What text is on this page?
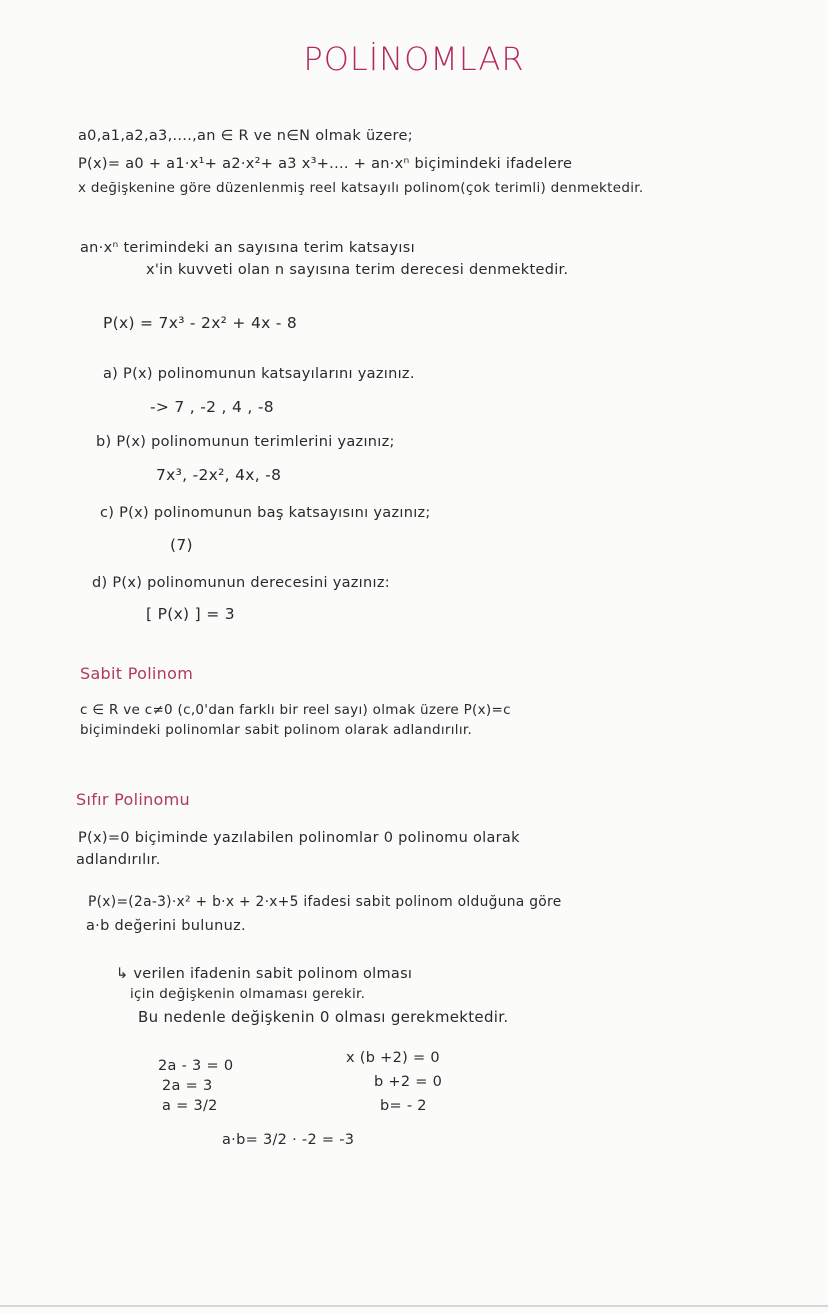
POLİNOMLAR
a0,a1,a2,a3,....,an ∈ R ve n∈N olmak üzere;
P(x)= a0 + a1·x¹+ a2·x²+ a3 x³+.... + an·xⁿ biçimindeki ifadelere
x değişkenine göre düzenlenmiş reel katsayılı polinom(çok terimli) denmektedir.
an·xⁿ terimindeki an sayısına terim katsayısı
x'in kuvveti olan n sayısına terim derecesi denmektedir.
P(x) = 7x³ - 2x² + 4x - 8
a) P(x) polinomunun katsayılarını yazınız.
-> 7 , -2 , 4 , -8
b) P(x) polinomunun terimlerini yazınız;
7x³, -2x², 4x, -8
c) P(x) polinomunun baş katsayısını yazınız;
(7)
d) P(x) polinomunun derecesini yazınız:
[ P(x) ] = 3
Sabit Polinom
c ∈ R ve c≠0 (c,0'dan farklı bir reel sayı) olmak üzere P(x)=c
biçimindeki polinomlar sabit polinom olarak adlandırılır.
Sıfır Polinomu
P(x)=0 biçiminde yazılabilen polinomlar 0 polinomu olarak
adlandırılır.
P(x)=(2a-3)·x² + b·x + 2·x+5 ifadesi sabit polinom olduğuna göre
a·b değerini bulunuz.
↳ verilen ifadenin sabit polinom olması
için değişkenin olmaması gerekir.
Bu nedenle değişkenin 0 olması gerekmektedir.
2a - 3 = 0
2a = 3
a = 3/2
x (b +2) = 0
b +2 = 0
b= - 2
a·b= 3/2 · -2 = -3
